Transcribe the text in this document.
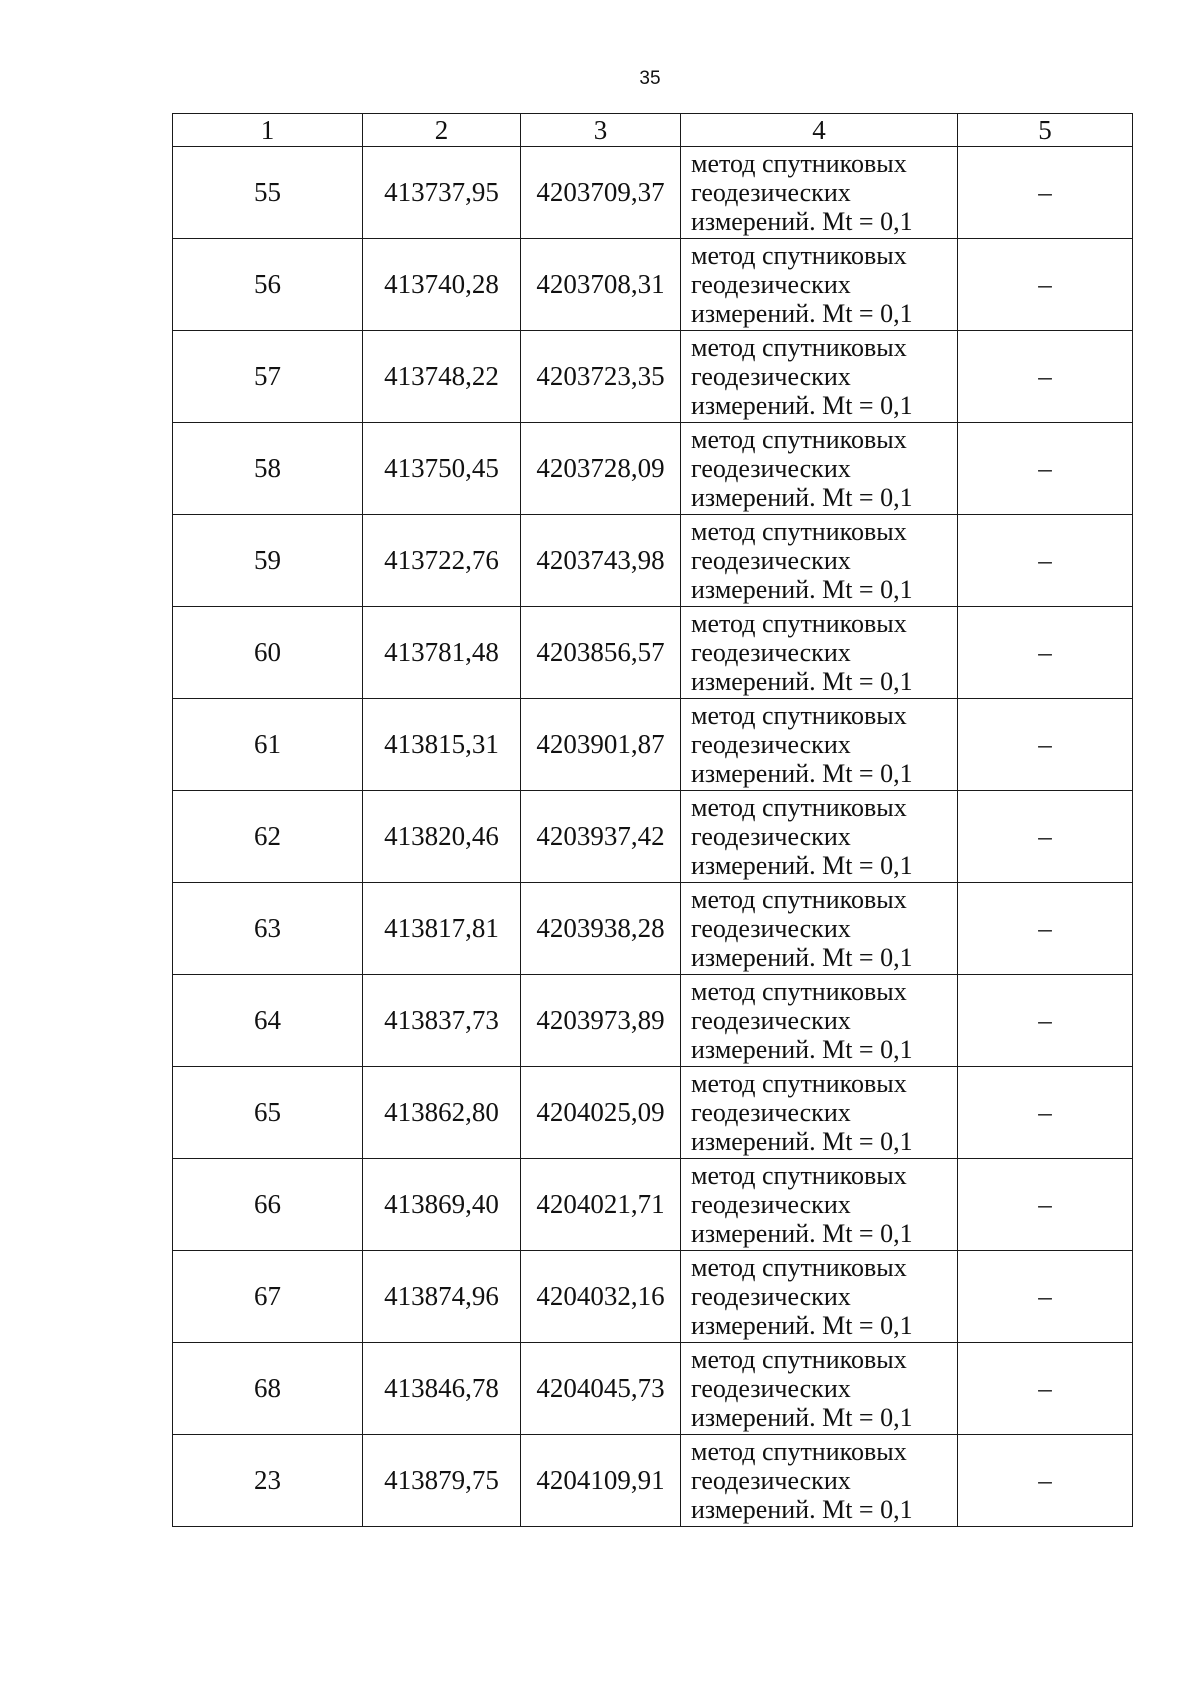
35
1	2	3	4	5
55	413737,95	4203709,37	метод спутниковых
геодезических
измерений. Mt = 0,1	–
56	413740,28	4203708,31	метод спутниковых
геодезических
измерений. Mt = 0,1	–
57	413748,22	4203723,35	метод спутниковых
геодезических
измерений. Mt = 0,1	–
58	413750,45	4203728,09	метод спутниковых
геодезических
измерений. Mt = 0,1	–
59	413722,76	4203743,98	метод спутниковых
геодезических
измерений. Mt = 0,1	–
60	413781,48	4203856,57	метод спутниковых
геодезических
измерений. Mt = 0,1	–
61	413815,31	4203901,87	метод спутниковых
геодезических
измерений. Mt = 0,1	–
62	413820,46	4203937,42	метод спутниковых
геодезических
измерений. Mt = 0,1	–
63	413817,81	4203938,28	метод спутниковых
геодезических
измерений. Mt = 0,1	–
64	413837,73	4203973,89	метод спутниковых
геодезических
измерений. Mt = 0,1	–
65	413862,80	4204025,09	метод спутниковых
геодезических
измерений. Mt = 0,1	–
66	413869,40	4204021,71	метод спутниковых
геодезических
измерений. Mt = 0,1	–
67	413874,96	4204032,16	метод спутниковых
геодезических
измерений. Mt = 0,1	–
68	413846,78	4204045,73	метод спутниковых
геодезических
измерений. Mt = 0,1	–
23	413879,75	4204109,91	метод спутниковых
геодезических
измерений. Mt = 0,1	–
